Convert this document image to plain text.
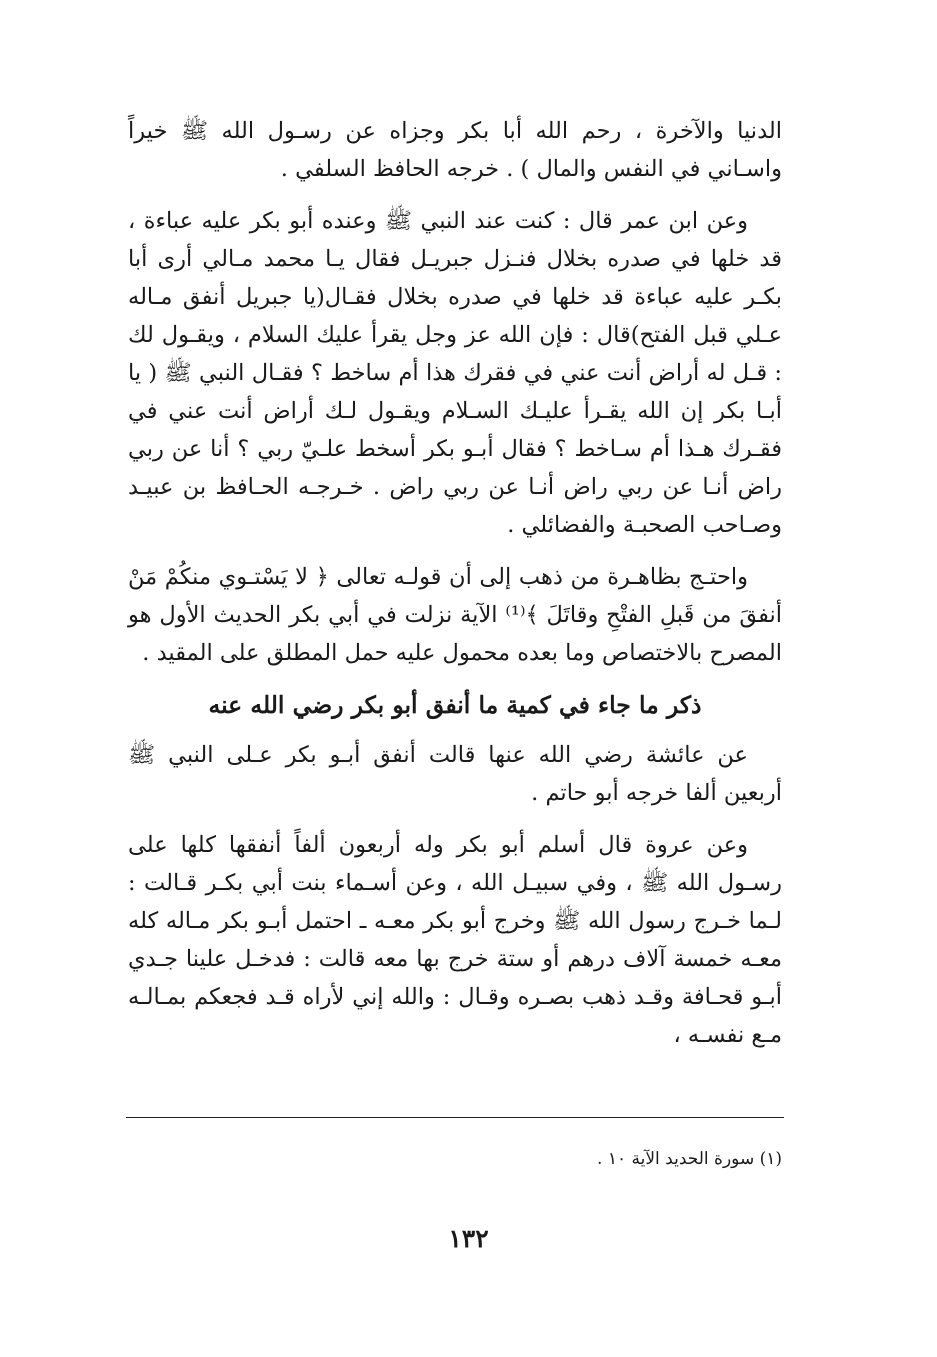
الدنيا والآخرة ، رحم الله أبا بكر وجزاه عن رسـول الله ﷺ خيراً واسـاني في النفس والمال ) . خرجه الحافظ السلفي .

وعن ابن عمر قال : كنت عند النبي ﷺ وعنده أبو بكر عليه عباءة ، قد خلها في صدره بخلال فنـزل جبريـل فقال يـا محمد مـالي أرى أبا بكـر عليه عباءة قد خلها في صدره بخلال فقـال(يا جبريل أنفق مـاله عـلي قبل الفتح)قال : فإن الله عز وجل يقرأ عليك السلام ، ويقـول لك : قـل له أراض أنت عني في فقرك هذا أم ساخط ؟ فقـال النبي ﷺ ( يا أبـا بكر إن الله يقـرأ عليـك السـلام ويقـول لـك أراض أنت عني في فقـرك هـذا أم سـاخط ؟ فقال أبـو بكر أسخط علـيّ ربي ؟ أنا عن ربي راض أنـا عن ربي راض أنـا عن ربي راض . خـرجـه الحـافظ بن عبيـد وصـاحب الصحبـة والفضائلي .

واحتـج بظاهـرة من ذهب إلى أن قولـه تعالى ﴿ لا يَسْتـوي منكُمْ مَنْ أنفقَ من قَبلِ الفتْحِ وقاتَلَ ﴾⁽¹⁾ الآية نزلت في أبي بكر الحديث الأول هو المصرح بالاختصاص وما بعده محمول عليه حمل المطلق على المقيد .

ذكر ما جاء في كمية ما أنفق أبو بكر رضي الله عنه

عن عائشة رضي الله عنها قالت أنفق أبـو بكر عـلى النبي ﷺ أربعين ألفا خرجه أبو حاتم .

وعن عروة قال أسلم أبو بكر وله أربعون ألفاً أنفقها كلها على رسـول الله ﷺ ، وفي سبيـل الله ، وعن أسـماء بنت أبي بكـر قـالت : لـما خـرج رسول الله ﷺ وخرج أبو بكر معـه ـ احتمل أبـو بكر مـاله كله معـه خمسة آلاف درهم أو ستة خرج بها معه قالت : فدخـل علينا جـدي أبـو قحـافة وقـد ذهب بصـره وقـال : والله إني لأراه قـد فجعكم بمـالـه مـع نفسـه ،

(١) سورة الحديد الآية ١٠ .
١٣٢
